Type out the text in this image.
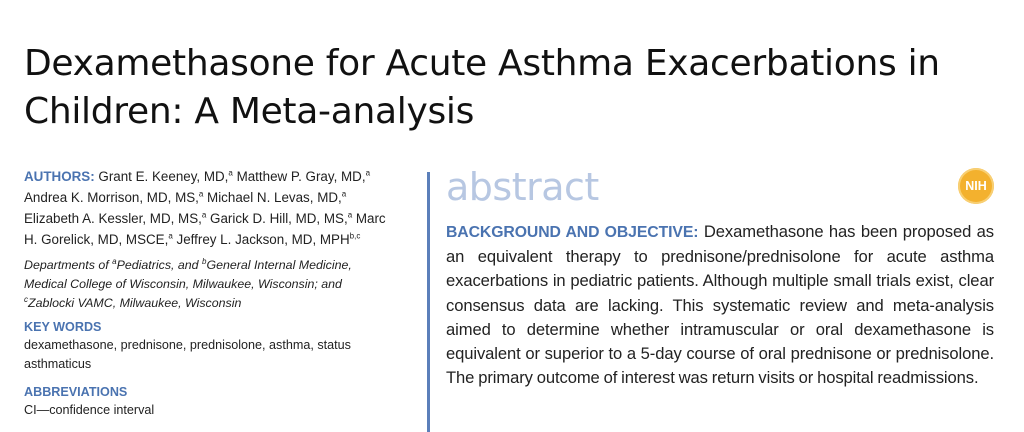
Dexamethasone for Acute Asthma Exacerbations in
Children: A Meta-analysis
AUTHORS: Grant E. Keeney, MD,$^a$ Matthew P. Gray, MD,$^a$
Andrea K. Morrison, MD, MS,$^a$ Michael N. Levas, MD,$^a$
Elizabeth A. Kessler, MD, MS,$^a$ Garick D. Hill, MD, MS,$^a$ Marc
H. Gorelick, MD, MSCE,$^a$ Jeffrey L. Jackson, MD, MPH$^{b,c}$
Departments of $^a$Pediatrics, and $^b$General Internal Medicine,
Medical College of Wisconsin, Milwaukee, Wisconsin; and
$^c$Zablocki VAMC, Milwaukee, Wisconsin
KEY WORDS
dexamethasone, prednisone, prednisolone, asthma, status asthmaticus
ABBREVIATIONS
CI—confidence interval
abstract	NIH
BACKGROUND AND OBJECTIVE: Dexamethasone has been proposed as an equivalent therapy to prednisone/prednisolone for acute asthma exacerbations in pediatric patients. Although multiple small trials exist, clear consensus data are lacking. This systematic review and meta-analysis aimed to determine whether intramuscular or oral dexamethasone is equivalent or superior to a 5-day course of oral prednisone or prednisolone. The primary outcome of interest was return visits or hospital readmissions.
